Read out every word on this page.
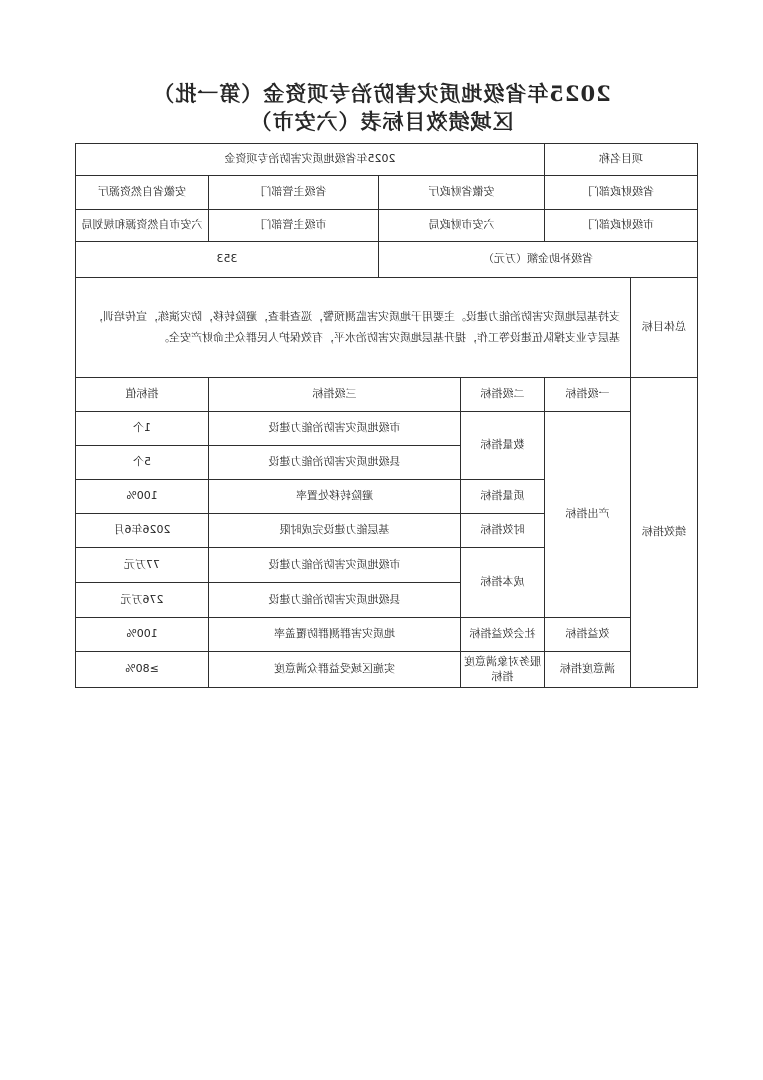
2025年省级地质灾害防治专项资金（第一批）
区域绩效目标表（六安市）
项目名称		2025年省级地质灾害防治专项资金			
省级财政部门		安徽省财政厅		省级主管部门	安徽省自然资源厅
市级财政部门		六安市财政局		市级主管部门	六安市自然资源和规划局
省级补助金额（万元）				353	
总体目标	支持基层地质灾害防治能力建设。主要用于地质灾害监测预警，巡查排查，避险转移，防灾演练，宣传培训，基层专业支撑队伍建设等工作，提升基层地质灾害防治水平，有效保护人民群众生命财产安全。				
绩效指标	一级指标	二级指标	三级指标		指标值
	产出指标	数量指标	市级地质灾害防治能力建设		1个
			县级地质灾害防治能力建设		5个
		质量指标	避险转移处置率		100%
		时效指标	基层能力建设完成时限		2026年6月
		成本指标	市级地质灾害防治能力建设		77万元
			县级地质灾害防治能力建设		276万元
	效益指标	社会效益指标	地质灾害群测群防覆盖率		100%
	满意度指标	服务对象满意度指标	实施区域受益群众满意度		≥80%
